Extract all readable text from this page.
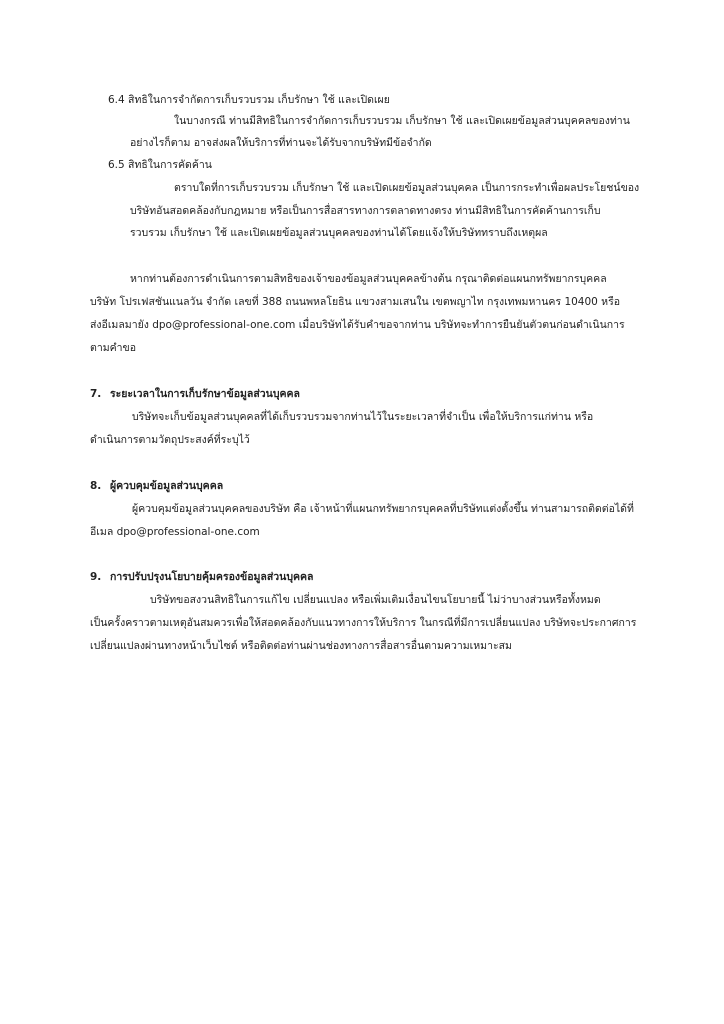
6.4 สิทธิในการจำกัดการเก็บรวบรวม เก็บรักษา ใช้ และเปิดเผย
ในบางกรณี ท่านมีสิทธิในการจำกัดการเก็บรวบรวม เก็บรักษา ใช้ และเปิดเผยข้อมูลส่วนบุคคลของท่าน
อย่างไรก็ตาม อาจส่งผลให้บริการที่ท่านจะได้รับจากบริษัทมีข้อจำกัด
6.5 สิทธิในการคัดค้าน
ตราบใดที่การเก็บรวบรวม เก็บรักษา ใช้ และเปิดเผยข้อมูลส่วนบุคคล เป็นการกระทำเพื่อผลประโยชน์ของ
บริษัทอันสอดคล้องกับกฎหมาย หรือเป็นการสื่อสารทางการตลาดทางตรง ท่านมีสิทธิในการคัดค้านการเก็บ
รวบรวม เก็บรักษา ใช้ และเปิดเผยข้อมูลส่วนบุคคลของท่านได้โดยแจ้งให้บริษัททราบถึงเหตุผล
หากท่านต้องการดำเนินการตามสิทธิของเจ้าของข้อมูลส่วนบุคคลข้างต้น กรุณาติดต่อแผนกทรัพยากรบุคคล
บริษัท โปรเฟสชันแนลวัน จำกัด เลขที่ 388 ถนนพหลโยธิน แขวงสามเสนใน เขตพญาไท กรุงเทพมหานคร 10400 หรือ
ส่งอีเมลมายัง dpo@professional-one.com เมื่อบริษัทได้รับคำขอจากท่าน บริษัทจะทำการยืนยันตัวตนก่อนดำเนินการ
ตามคำขอ
7. ระยะเวลาในการเก็บรักษาข้อมูลส่วนบุคคล
บริษัทจะเก็บข้อมูลส่วนบุคคลที่ได้เก็บรวบรวมจากท่านไว้ในระยะเวลาที่จำเป็น เพื่อให้บริการแก่ท่าน หรือ
ดำเนินการตามวัตถุประสงค์ที่ระบุไว้
8. ผู้ควบคุมข้อมูลส่วนบุคคล
ผู้ควบคุมข้อมูลส่วนบุคคลของบริษัท คือ เจ้าหน้าที่แผนกทรัพยากรบุคคลที่บริษัทแต่งตั้งขึ้น ท่านสามารถติดต่อได้ที่
อีเมล dpo@professional-one.com
9. การปรับปรุงนโยบายคุ้มครองข้อมูลส่วนบุคคล
บริษัทขอสงวนสิทธิในการแก้ไข เปลี่ยนแปลง หรือเพิ่มเติมเงื่อนไขนโยบายนี้ ไม่ว่าบางส่วนหรือทั้งหมด
เป็นครั้งคราวตามเหตุอันสมควรเพื่อให้สอดคล้องกับแนวทางการให้บริการ ในกรณีที่มีการเปลี่ยนแปลง บริษัทจะประกาศการ
เปลี่ยนแปลงผ่านทางหน้าเว็บไซต์ หรือติดต่อท่านผ่านช่องทางการสื่อสารอื่นตามความเหมาะสม
